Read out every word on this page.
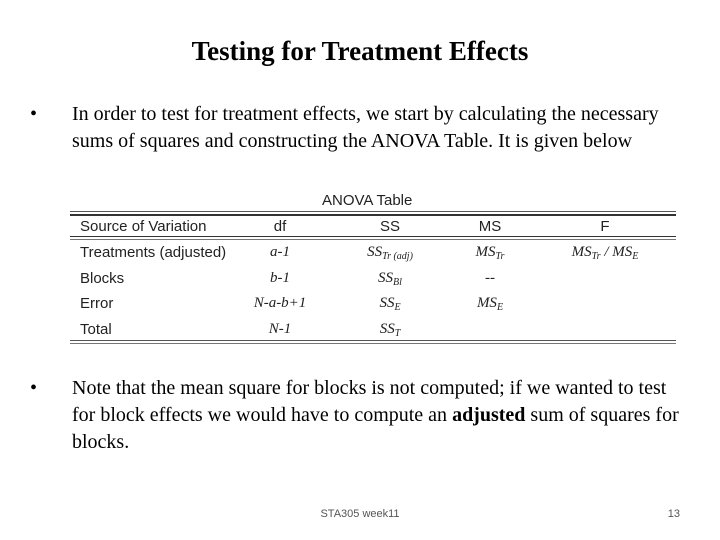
Testing for Treatment Effects
•	In order to test for treatment effects, we start by calculating the necessary sums of squares and constructing the ANOVA Table. It is given below
ANOVA Table
Source of Variation	df	SS	MS	F
Treatments (adjusted)	a-1	$SS_{Tr (adj)}$	$MS_{Tr}$	$MS_{Tr} / MS_E$
Blocks	b-1	$SS_{Bl}$	--
Error	N-a-b+1	$SS_E$	$MS_E$
Total	N-1	$SS_T$
•	Note that the mean square for blocks is not computed; if we wanted to test for block effects we would have to compute an adjusted sum of squares for blocks.
STA305 week11	13
